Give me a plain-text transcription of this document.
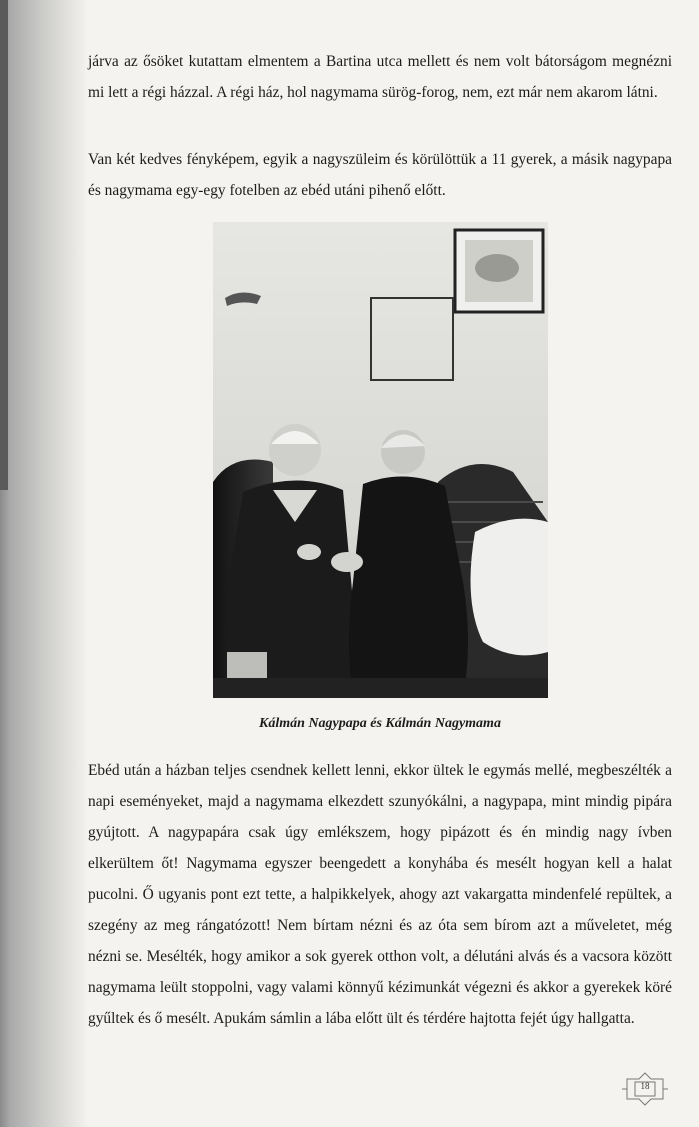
járva az ősöket kutattam elmentem a Bartina utca mellett és nem volt bátorságom megnézni mi lett a régi házzal. A régi ház, hol nagymama sürög-forog, nem, ezt már nem akarom látni.

Van két kedves fényképem, egyik a nagyszüleim és körülöttük a 11 gyerek, a másik nagypapa és nagymama egy-egy fotelben az ebéd utáni pihenő előtt.

Kálmán Nagypapa és Kálmán Nagymama

Ebéd után a házban teljes csendnek kellett lenni, ekkor ültek le egymás mellé, megbeszélték a napi eseményeket, majd a nagymama elkezdett szunyókálni, a nagypapa, mint mindig pipára gyújtott. A nagypapára csak úgy emlékszem, hogy pipázott és én mindig nagy ívben elkerültem őt! Nagymama egyszer beengedett a konyhába és mesélt hogyan kell a halat pucolni. Ő ugyanis pont ezt tette, a halpikkelyek, ahogy azt vakargatta mindenfelé repültek, a szegény az meg rángatózott! Nem bírtam nézni és az óta sem bírom azt a műveletet, még nézni se. Mesélték, hogy amikor a sok gyerek otthon volt, a délutáni alvás és a vacsora között nagymama leült stoppolni, vagy valami könnyű kézimunkát végezni és akkor a gyerekek köré gyűltek és ő mesélt. Apukám sámlin a lába előtt ült és térdére hajtotta fejét úgy hallgatta.

18
